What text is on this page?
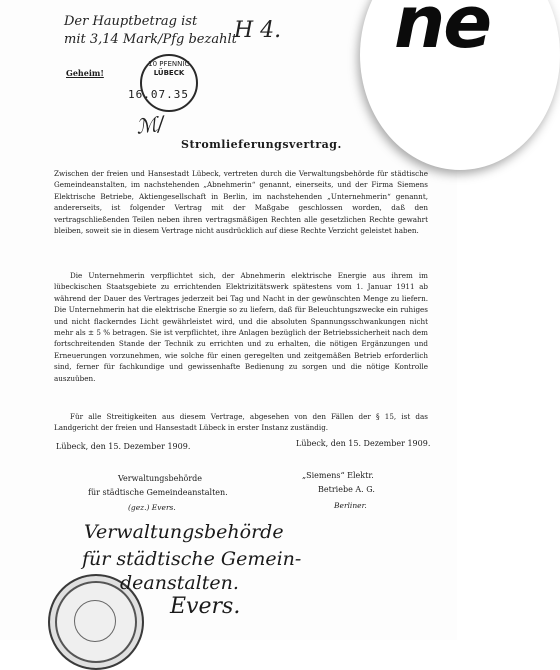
ne
Der Hauptbetrag ist
mit 3,14 Mark/Pfg bezahlt
H 4.
Geheim!
10 PFENNIG
LÜBECK
16.07.35
ℳ/
Stromlieferungsvertrag.
Zwischen der freien und Hansestadt Lübeck, vertreten durch die Verwaltungsbehörde für städtische Gemeindeanstalten, im nachstehenden „Abnehmerin“ genannt, einerseits, und der Firma Siemens Elektrische Betriebe, Aktiengesellschaft in Berlin, im nachstehenden „Unternehmerin“ genannt, andererseits, ist folgender Vertrag mit der Maßgabe geschlossen worden, daß den vertragschließenden Teilen neben ihren vertragsmäßigen Rechten alle gesetzlichen Rechte gewahrt bleiben, soweit sie in diesem Vertrage nicht ausdrücklich auf diese Rechte Verzicht geleistet haben.
Die Unternehmerin verpflichtet sich, der Abnehmerin elektrische Energie aus ihrem im lübeckischen Staatsgebiete zu errichtenden Elektrizitätswerk spätestens vom 1. Januar 1911 ab während der Dauer des Vertrages jederzeit bei Tag und Nacht in der gewünschten Menge zu liefern. Die Unternehmerin hat die elektrische Energie so zu liefern, daß für Beleuchtungszwecke ein ruhiges und nicht flackerndes Licht gewährleistet wird, und die absoluten Spannungsschwankungen nicht mehr als ± 5 % betragen. Sie ist verpflichtet, ihre Anlagen bezüglich der Betriebssicherheit nach dem fortschreitenden Stande der Technik zu errichten und zu erhalten, die nötigen Ergänzungen und Erneuerungen vorzunehmen, wie solche für einen geregelten und zeitgemäßen Betrieb erforderlich sind, ferner für fachkundige und gewissenhafte Bedienung zu sorgen und die nötige Kontrolle auszuüben.
Für alle Streitigkeiten aus diesem Vertrage, abgesehen von den Fällen der § 15, ist das Landgericht der freien und Hansestadt Lübeck in erster Instanz zuständig.
Lübeck, den 15. Dezember 1909.	Lübeck, den 15. Dezember 1909.
Verwaltungsbehörde
für städtische Gemeindeanstalten.
(gez.) Evers.
„Siemens“ Elektr.
Betriebe A. G.
Berliner.
Verwaltungsbehörde
für städtische Gemein-
deanstalten.
Evers.
